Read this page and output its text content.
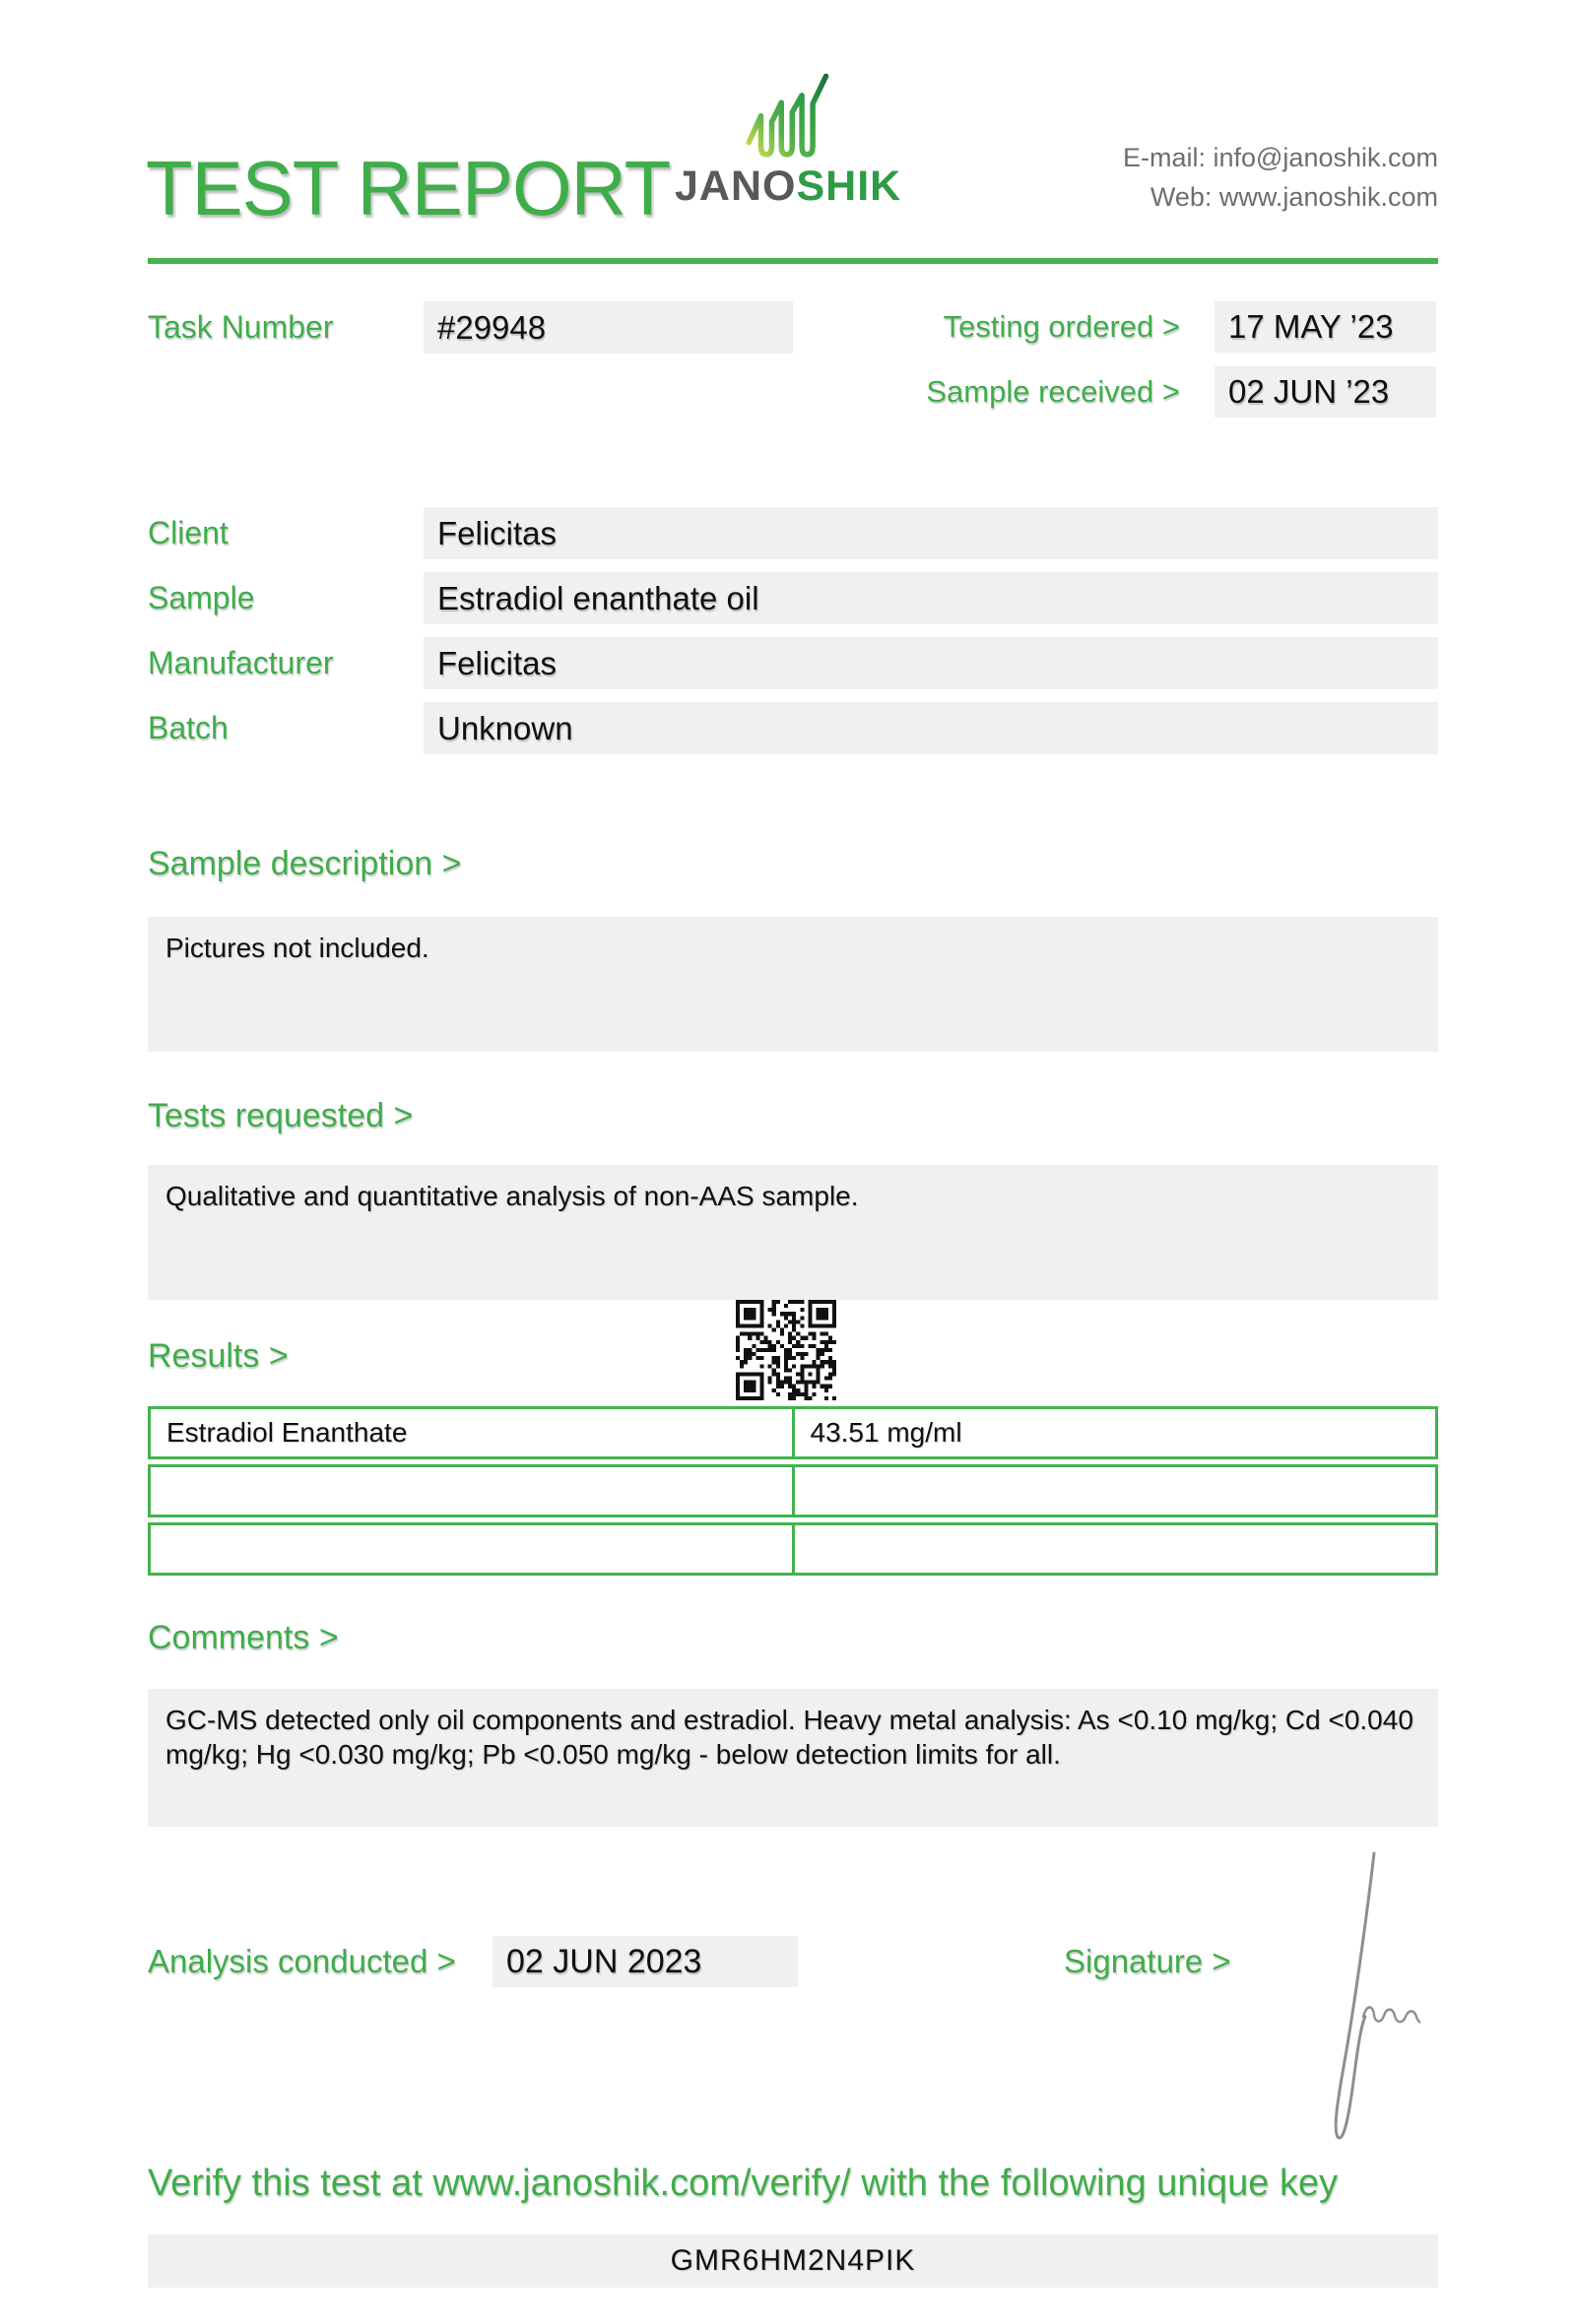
TEST REPORT JANOSHIK
E-mail: info@janoshik.com
Web: www.janoshik.com
Task Number	#29948	Testing ordered >	17 MAY ’23
Sample received >	02 JUN ’23
Client	Felicitas
Sample	Estradiol enanthate oil
Manufacturer	Felicitas
Batch	Unknown
Sample description >
Pictures not included.
Tests requested >
Qualitative and quantitative analysis of non-AAS sample.
Results >
Estradiol Enanthate	43.51 mg/ml
Comments >
GC-MS detected only oil components and estradiol. Heavy metal analysis: As <0.10 mg/kg; Cd <0.040 mg/kg; Hg <0.030 mg/kg; Pb <0.050 mg/kg - below detection limits for all.
Analysis conducted >	02 JUN 2023	Signature >
Verify this test at www.janoshik.com/verify/ with the following unique key
GMR6HM2N4PIK
